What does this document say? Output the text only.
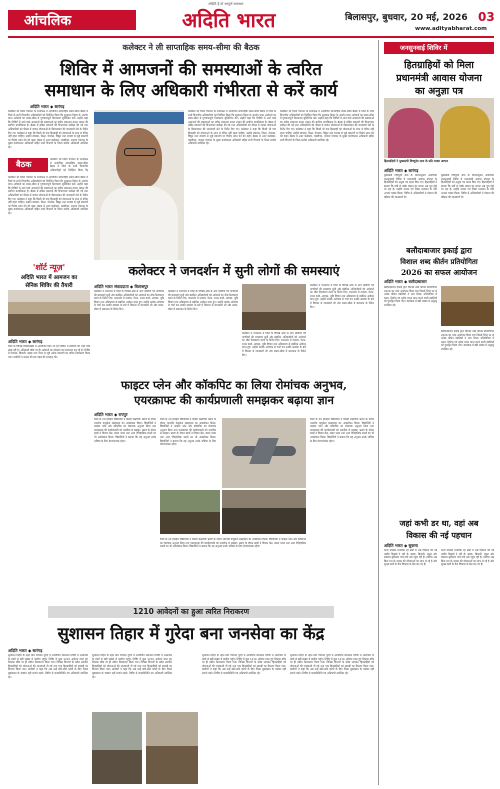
आंचलिक
अदिति है तो सम्पूर्ण समाचार
अदिति भारत	बिलासपुर, बुधवार, 20 मई, 2026 03
www.adityabharat.com
कलेक्टर ने ली साप्ताहिक समय-सीमा की बैठक
शिविर में आमजनों की समस्याओं के त्वरित
समाधान के लिए अधिकारी गंभीरता से करें कार्य
अदिति भारत ◆ सारंगढ़
कलेक्टर श्री जिला पंचायत के सभाकक्ष में आयोजित साप्ताहिक समय-सीमा बैठक में जिले के सभी विभागीय अधिकारियों को निर्देशित किया कि सुशासन तिहार के अंतर्गत प्राप्त आवेदनों का समय-सीमा में गुणवत्तापूर्ण निराकरण सुनिश्चित करें। उन्होंने कहा कि शिविरों में आने वाले आमजनों की समस्याओं का त्वरित समाधान करना शासन की सर्वोच्च प्राथमिकता है। बैठक में लंबित प्रकरणों की विभागवार समीक्षा की गई तथा अधिकारियों को फील्ड में जाकर योजनाओं के क्रियान्वयन की जानकारी लेने के निर्देश दिए गए। कलेक्टर ने कहा कि किसी भी पात्र हितग्राही को योजनाओं के लाभ से वंचित नहीं रहना चाहिए। उन्होंने स्वास्थ्य, शिक्षा, पेयजल, विद्युत तथा राजस्व से जुड़े प्रकरणों पर विशेष ध्यान देने को कहा। बैठक में अपर कलेक्टर, एसडीएम, जनपद पंचायत के मुख्य कार्यपालन अधिकारी सहित सभी विभागों के जिला स्तरीय अधिकारी उपस्थित रहे।
बैठक
कलेक्टर श्री जिला पंचायत के सभाकक्ष में आयोजित साप्ताहिक समय-सीमा बैठक में जिले के सभी विभागीय अधिकारियों को निर्देशित किया कि
कलेक्टर श्री जिला पंचायत के सभाकक्ष में आयोजित साप्ताहिक समय-सीमा बैठक में जिले के सभी विभागीय अधिकारियों को निर्देशित किया कि सुशासन तिहार के अंतर्गत प्राप्त आवेदनों का समय-सीमा में गुणवत्तापूर्ण निराकरण सुनिश्चित करें। उन्होंने कहा कि शिविरों में आने वाले आमजनों की समस्याओं का त्वरित समाधान करना शासन की सर्वोच्च प्राथमिकता है। बैठक में लंबित प्रकरणों की विभागवार समीक्षा की गई तथा अधिकारियों को फील्ड में जाकर योजनाओं के क्रियान्वयन की जानकारी लेने के निर्देश दिए गए। कलेक्टर ने कहा कि किसी भी पात्र हितग्राही को योजनाओं के लाभ से वंचित नहीं रहना चाहिए। उन्होंने स्वास्थ्य, शिक्षा, पेयजल, विद्युत तथा राजस्व से जुड़े प्रकरणों पर विशेष ध्यान देने को कहा। बैठक में अपर कलेक्टर, एसडीएम, जनपद पंचायत के मुख्य कार्यपालन अधिकारी सहित सभी विभागों के जिला स्तरीय अधिकारी उपस्थित रहे।
कलेक्टर श्री जिला पंचायत के सभाकक्ष में आयोजित साप्ताहिक समय-सीमा बैठक में जिले के सभी विभागीय अधिकारियों को निर्देशित किया कि सुशासन तिहार के अंतर्गत प्राप्त आवेदनों का समय-सीमा में गुणवत्तापूर्ण निराकरण सुनिश्चित करें। उन्होंने कहा कि शिविरों में आने वाले आमजनों की समस्याओं का त्वरित समाधान करना शासन की सर्वोच्च प्राथमिकता है। बैठक में लंबित प्रकरणों की विभागवार समीक्षा की गई तथा अधिकारियों को फील्ड में जाकर योजनाओं के क्रियान्वयन की जानकारी लेने के निर्देश दिए गए। कलेक्टर ने कहा कि किसी भी पात्र हितग्राही को योजनाओं के लाभ से वंचित नहीं रहना चाहिए। उन्होंने स्वास्थ्य, शिक्षा, पेयजल, विद्युत तथा राजस्व से जुड़े प्रकरणों पर विशेष ध्यान देने को कहा। बैठक में अपर कलेक्टर, एसडीएम, जनपद पंचायत के मुख्य कार्यपालन अधिकारी सहित सभी विभागों के जिला स्तरीय अधिकारी उपस्थित रहे।
कलेक्टर श्री जिला पंचायत के सभाकक्ष में आयोजित साप्ताहिक समय-सीमा बैठक में जिले के सभी विभागीय अधिकारियों को निर्देशित किया कि सुशासन तिहार के अंतर्गत प्राप्त आवेदनों का समय-सीमा में गुणवत्तापूर्ण निराकरण सुनिश्चित करें। उन्होंने कहा कि शिविरों में आने वाले आमजनों की समस्याओं का त्वरित समाधान करना शासन की सर्वोच्च प्राथमिकता है। बैठक में लंबित प्रकरणों की विभागवार समीक्षा की गई तथा अधिकारियों को फील्ड में जाकर योजनाओं के क्रियान्वयन की जानकारी लेने के निर्देश दिए गए। कलेक्टर ने कहा कि किसी भी पात्र हितग्राही को योजनाओं के लाभ से वंचित नहीं रहना चाहिए। उन्होंने स्वास्थ्य, शिक्षा, पेयजल, विद्युत तथा राजस्व से जुड़े प्रकरणों पर विशेष ध्यान देने को कहा। बैठक में अपर कलेक्टर, एसडीएम, जनपद पंचायत के मुख्य कार्यपालन अधिकारी सहित सभी विभागों के जिला स्तरीय अधिकारी उपस्थित रहे।
'शॉर्ट न्यूज़'
अदिति भारत में आमजन का
सेनिक शिविर की तैयारी
अदिति भारत ◆ सारंगढ़
जिले के विभिन्न विकासखंडों में आयोजित किए जा रहे शिविरों में ग्रामीणों की भारी भीड़ उमड़ रही है। अधिकारी मौके पर ही आवेदनों का परीक्षण कर समाधान कर रहे हैं। शिविर में पेयजल, बिजली, सड़क तथा पेंशन से जुड़े अनेक प्रकरणों का त्वरित निराकरण किया गया। ग्रामीणों ने शासन की इस पहल की सराहना की।
कलेक्टर ने जनदर्शन में सुनी लोगों की समस्याएं
अदिति भारत संवाददाता ◆ बिलासपुर
कलेक्टर ने जनदर्शन में जिले के विभिन्न क्षेत्रों से आए ग्रामीणों एवं नागरिकों की समस्याएं सुनीं और संबंधित अधिकारियों को आवेदनों का शीघ्र निराकरण करने के निर्देश दिए। जनदर्शन में राजस्व, पेंशन, राशन कार्ड, आवास, भूमि विवाद तथा अतिक्रमण से संबंधित आवेदन प्राप्त हुए। उन्होंने प्रत्येक आवेदक से चर्चा कर उनकी समस्या के बारे में विस्तार से जानकारी ली और समय-सीमा में समाधान के निर्देश दिए।
कलेक्टर ने जनदर्शन में जिले के विभिन्न क्षेत्रों से आए ग्रामीणों एवं नागरिकों की समस्याएं सुनीं और संबंधित अधिकारियों को आवेदनों का शीघ्र निराकरण करने के निर्देश दिए। जनदर्शन में राजस्व, पेंशन, राशन कार्ड, आवास, भूमि विवाद तथा अतिक्रमण से संबंधित आवेदन प्राप्त हुए। उन्होंने प्रत्येक आवेदक से चर्चा कर उनकी समस्या के बारे में विस्तार से जानकारी ली और समय-सीमा में समाधान के निर्देश दिए।
कलेक्टर ने जनदर्शन में जिले के विभिन्न क्षेत्रों से आए ग्रामीणों एवं नागरिकों की समस्याएं सुनीं और संबंधित अधिकारियों को आवेदनों का शीघ्र निराकरण करने के निर्देश दिए। जनदर्शन में राजस्व, पेंशन, राशन कार्ड, आवास, भूमि विवाद तथा अतिक्रमण से संबंधित आवेदन प्राप्त हुए। उन्होंने प्रत्येक आवेदक से चर्चा कर उनकी समस्या के बारे में विस्तार से जानकारी ली और समय-सीमा में समाधान के निर्देश दिए।
कलेक्टर ने जनदर्शन में जिले के विभिन्न क्षेत्रों से आए ग्रामीणों एवं नागरिकों की समस्याएं सुनीं और संबंधित अधिकारियों को आवेदनों का शीघ्र निराकरण करने के निर्देश दिए। जनदर्शन में राजस्व, पेंशन, राशन कार्ड, आवास, भूमि विवाद तथा अतिक्रमण से संबंधित आवेदन प्राप्त हुए। उन्होंने प्रत्येक आवेदक से चर्चा कर उनकी समस्या के बारे में विस्तार से जानकारी ली और समय-सीमा में समाधान के निर्देश दिए।
फाइटर प्लेन और कॉकपिट का लिया रोमांचक अनुभव,
एयरक्राफ्ट की कार्यप्रणाली समझकर बढ़ाया ज्ञान
अदिति भारत ◆ रायपुर
जिले के 20 होनहार विद्यार्थियों ने दिल्ली शैक्षणिक भ्रमण के दौरान भारतीय वायुसेना संग्रहालय का अवलोकन किया। विद्यार्थियों ने फाइटर प्लेन और कॉकपिट का रोमांचक अनुभव लिया तथा एयरक्राफ्ट की कार्यप्रणाली को नजदीक से समझा। भ्रमण के दौरान छात्रों ने विज्ञान केंद्र, संसद भवन तथा अन्य ऐतिहासिक स्थलों का भी अवलोकन किया। विद्यार्थियों ने बताया कि यह अनुभव उनके भविष्य के लिए प्रेरणादायक रहेगा।
जिले के 20 होनहार विद्यार्थियों ने दिल्ली शैक्षणिक भ्रमण के दौरान भारतीय वायुसेना संग्रहालय का अवलोकन किया। विद्यार्थियों ने फाइटर प्लेन और कॉकपिट का रोमांचक अनुभव लिया तथा एयरक्राफ्ट की कार्यप्रणाली को नजदीक से समझा। भ्रमण के दौरान छात्रों ने विज्ञान केंद्र, संसद भवन तथा अन्य ऐतिहासिक स्थलों का भी अवलोकन किया। विद्यार्थियों ने बताया कि यह अनुभव उनके भविष्य के लिए प्रेरणादायक रहेगा।
जिले के 20 होनहार विद्यार्थियों ने दिल्ली शैक्षणिक भ्रमण के दौरान भारतीय वायुसेना संग्रहालय का अवलोकन किया। विद्यार्थियों ने फाइटर प्लेन और कॉकपिट का रोमांचक अनुभव लिया तथा एयरक्राफ्ट की कार्यप्रणाली को नजदीक से समझा। भ्रमण के दौरान छात्रों ने विज्ञान केंद्र, संसद भवन तथा अन्य ऐतिहासिक स्थलों का भी अवलोकन किया। विद्यार्थियों ने बताया कि यह अनुभव उनके भविष्य के लिए प्रेरणादायक रहेगा।
जिले के 20 होनहार विद्यार्थियों ने दिल्ली शैक्षणिक भ्रमण के दौरान भारतीय वायुसेना संग्रहालय का अवलोकन किया। विद्यार्थियों ने फाइटर प्लेन और कॉकपिट का रोमांचक अनुभव लिया तथा एयरक्राफ्ट की कार्यप्रणाली को नजदीक से समझा। भ्रमण के दौरान छात्रों ने विज्ञान केंद्र, संसद भवन तथा अन्य ऐतिहासिक स्थलों का भी अवलोकन किया। विद्यार्थियों ने बताया कि यह अनुभव उनके भविष्य के लिए प्रेरणादायक रहेगा।
जनसुनवाई शिविर में
हितग्राहियों को मिला
प्रधानमंत्री आवास योजना
का अनुज्ञा पत्र
हितग्राहियों ने मुख्यमंत्री विष्णुदेव साय के प्रति व्यक्त आभार
अदिति भारत ◆ सारंगढ़
मुख्यमंत्री विष्णुदेव साय के निर्देशानुसार आयोजित जनसुनवाई शिविर में प्रधानमंत्री आवास योजना के हितग्राहियों को अनुज्ञा पत्र प्रदान किए गए। हितग्राहियों ने बताया कि वर्षों से पक्के मकान का सपना अब पूरा होने जा रहा है। उन्होंने शासन एवं जिला प्रशासन के प्रति आभार व्यक्त किया। शिविर में अधिकारियों ने योजना की प्रक्रिया की जानकारी दी।
मुख्यमंत्री विष्णुदेव साय के निर्देशानुसार आयोजित जनसुनवाई शिविर में प्रधानमंत्री आवास योजना के हितग्राहियों को अनुज्ञा पत्र प्रदान किए गए। हितग्राहियों ने बताया कि वर्षों से पक्के मकान का सपना अब पूरा होने जा रहा है। उन्होंने शासन एवं जिला प्रशासन के प्रति आभार व्यक्त किया। शिविर में अधिकारियों ने योजना की प्रक्रिया की जानकारी दी।
बलौदाबाजार इकाई द्वारा
विशाल शब्द कीर्तन प्रतियोगिता
2026 का सफल आयोजन
अदिति भारत ◆ बलौदाबाजार
बलौदाबाजार इकाई द्वारा विशाल शब्द कीर्तन प्रतियोगिता 2026 का भव्य आयोजन किया गया जिसमें जिले भर से अनेक कीर्तन मंडलियों ने भाग लिया। प्रतियोगिता में प्रथम, द्वितीय एवं तृतीय स्थान प्राप्त करने वाली मंडलियों को पुरस्कृत किया गया। कार्यक्रम में बड़ी संख्या में श्रद्धालु उपस्थित रहे।
बलौदाबाजार इकाई द्वारा विशाल शब्द कीर्तन प्रतियोगिता 2026 का भव्य आयोजन किया गया जिसमें जिले भर से अनेक कीर्तन मंडलियों ने भाग लिया। प्रतियोगिता में प्रथम, द्वितीय एवं तृतीय स्थान प्राप्त करने वाली मंडलियों को पुरस्कृत किया गया। कार्यक्रम में बड़ी संख्या में श्रद्धालु उपस्थित रहे।
जहां कभी डर था, वहां अब
विकास की नई पहचान
अदिति भारत ◆ सुकमा
कभी नक्सल प्रभावित रहे क्षेत्रों में अब विकास की नई तस्वीर दिखाई दे रही है। सड़क, बिजली, स्कूल और स्वास्थ्य सुविधाएं गांव-गांव तक पहुंच रही हैं। ग्रामीण अब बिना भय के शासन की योजनाओं का लाभ ले रहे हैं और सुरक्षा बलों के कैंप विकास के केंद्र बन गए हैं।
कभी नक्सल प्रभावित रहे क्षेत्रों में अब विकास की नई तस्वीर दिखाई दे रही है। सड़क, बिजली, स्कूल और स्वास्थ्य सुविधाएं गांव-गांव तक पहुंच रही हैं। ग्रामीण अब बिना भय के शासन की योजनाओं का लाभ ले रहे हैं और सुरक्षा बलों के कैंप विकास के केंद्र बन गए हैं।
1210 आवेदनों का हुआ त्वरित निराकरण
सुशासन तिहार में गुरेदा बना जनसेवा का केंद्र
अदिति भारत ◆ सारंगढ़
सुशासन तिहार के तहत ग्राम पंचायत गुरेदा में आयोजित समाधान शिविर में आसपास के ग्रामों से बड़ी संख्या में ग्रामीण पहुंचे। शिविर में कुल 1210 आवेदन प्राप्त हुए जिनका मौके पर ही त्वरित निराकरण किया गया। विभिन्न विभागों के स्टॉल लगाकर हितग्राहियों को योजनाओं की जानकारी दी गई तथा पात्र हितग्राहियों को सामग्री का वितरण किया गया। ग्रामीणों ने कहा कि अब उन्हें छोटे-छोटे कार्यों के लिए जिला मुख्यालय के चक्कर नहीं लगाने पड़ते। शिविर में जनप्रतिनिधि एवं अधिकारी उपस्थित रहे।
सुशासन तिहार के तहत ग्राम पंचायत गुरेदा में आयोजित समाधान शिविर में आसपास के ग्रामों से बड़ी संख्या में ग्रामीण पहुंचे। शिविर में कुल 1210 आवेदन प्राप्त हुए जिनका मौके पर ही त्वरित निराकरण किया गया। विभिन्न विभागों के स्टॉल लगाकर हितग्राहियों को योजनाओं की जानकारी दी गई तथा पात्र हितग्राहियों को सामग्री का वितरण किया गया। ग्रामीणों ने कहा कि अब उन्हें छोटे-छोटे कार्यों के लिए जिला मुख्यालय के चक्कर नहीं लगाने पड़ते। शिविर में जनप्रतिनिधि एवं अधिकारी उपस्थित रहे।
सुशासन तिहार के तहत ग्राम पंचायत गुरेदा में आयोजित समाधान शिविर में आसपास के ग्रामों से बड़ी संख्या में ग्रामीण पहुंचे। शिविर में कुल 1210 आवेदन प्राप्त हुए जिनका मौके पर ही त्वरित निराकरण किया गया। विभिन्न विभागों के स्टॉल लगाकर हितग्राहियों को योजनाओं की जानकारी दी गई तथा पात्र हितग्राहियों को सामग्री का वितरण किया गया। ग्रामीणों ने कहा कि अब उन्हें छोटे-छोटे कार्यों के लिए जिला मुख्यालय के चक्कर नहीं लगाने पड़ते। शिविर में जनप्रतिनिधि एवं अधिकारी उपस्थित रहे।
सुशासन तिहार के तहत ग्राम पंचायत गुरेदा में आयोजित समाधान शिविर में आसपास के ग्रामों से बड़ी संख्या में ग्रामीण पहुंचे। शिविर में कुल 1210 आवेदन प्राप्त हुए जिनका मौके पर ही त्वरित निराकरण किया गया। विभिन्न विभागों के स्टॉल लगाकर हितग्राहियों को योजनाओं की जानकारी दी गई तथा पात्र हितग्राहियों को सामग्री का वितरण किया गया। ग्रामीणों ने कहा कि अब उन्हें छोटे-छोटे कार्यों के लिए जिला मुख्यालय के चक्कर नहीं लगाने पड़ते। शिविर में जनप्रतिनिधि एवं अधिकारी उपस्थित रहे।
